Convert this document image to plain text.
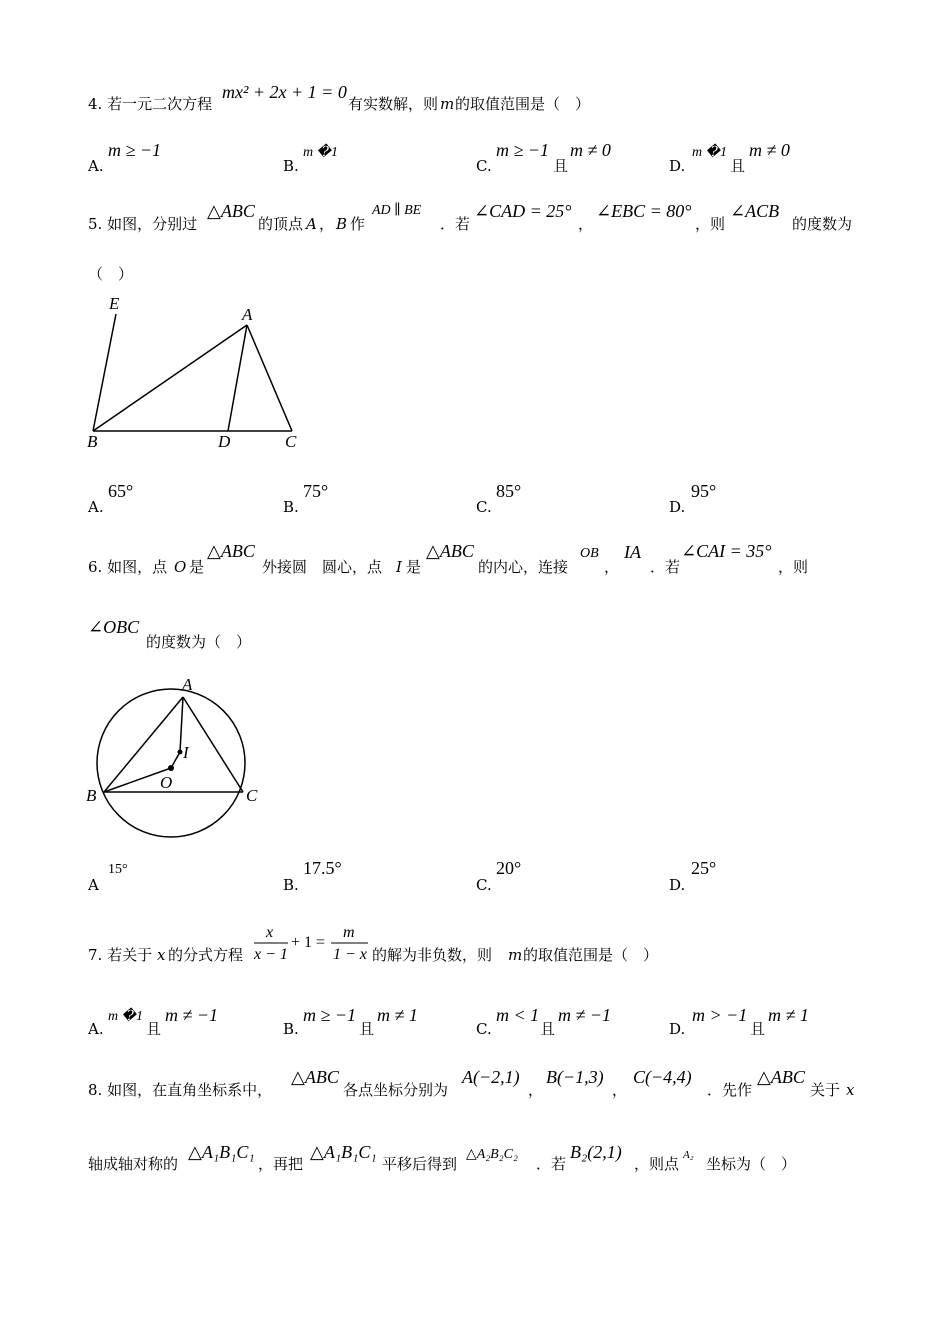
4. 若一元二次方程
mx² + 2x + 1 = 0
有实数解，则 m 的取值范围是（　）
A.
m ≥ −1
B.
m �1
C.
m ≥ −1
且
m ≠ 0
D.
m �1
且
m ≠ 0
5. 如图，分别过
△ABC
的顶点 A ， B 作
AD ∥ BE
．若
∠CAD = 25°
，
∠EBC = 80°
，则
∠ACB
的度数为
（　）
E
A
B	D	C
A.
65°
B.
75°
C.
85°
D.
95°
6. 如图，点 O 是
△ABC
外接圆　圆心，点 I 是
△ABC
的内心，连接
OB
，
IA
．若
∠CAI = 35°
，则
∠OBC
的度数为（　）
A
I
O
B	C
A
15°
B.
17.5°
C.
20°
D.
25°
7. 若关于 x 的分式方程
x
x − 1
+ 1 =
m
1 − x 的解为非负数，则 m 的取值范围是（　）
A.
m �1
且
m ≠ −1
B.
m ≥ −1
且
m ≠ 1
C.
m < 1
且
m ≠ −1
D.
m > −1
且
m ≠ 1
8. 如图，在直角坐标系中，
△ABC
各点坐标分别为
A(−2,1)
，
B(−1,3)
，
C(−4,4)
．先作
△ABC
关于 x
轴成轴对称的
△A₁B₁C₁
，再把
△A₁B₁C₁
平移后得到
△A₂B₂C₂
．若
B₂(2,1)
，则点 A₂ 坐标为（　）
